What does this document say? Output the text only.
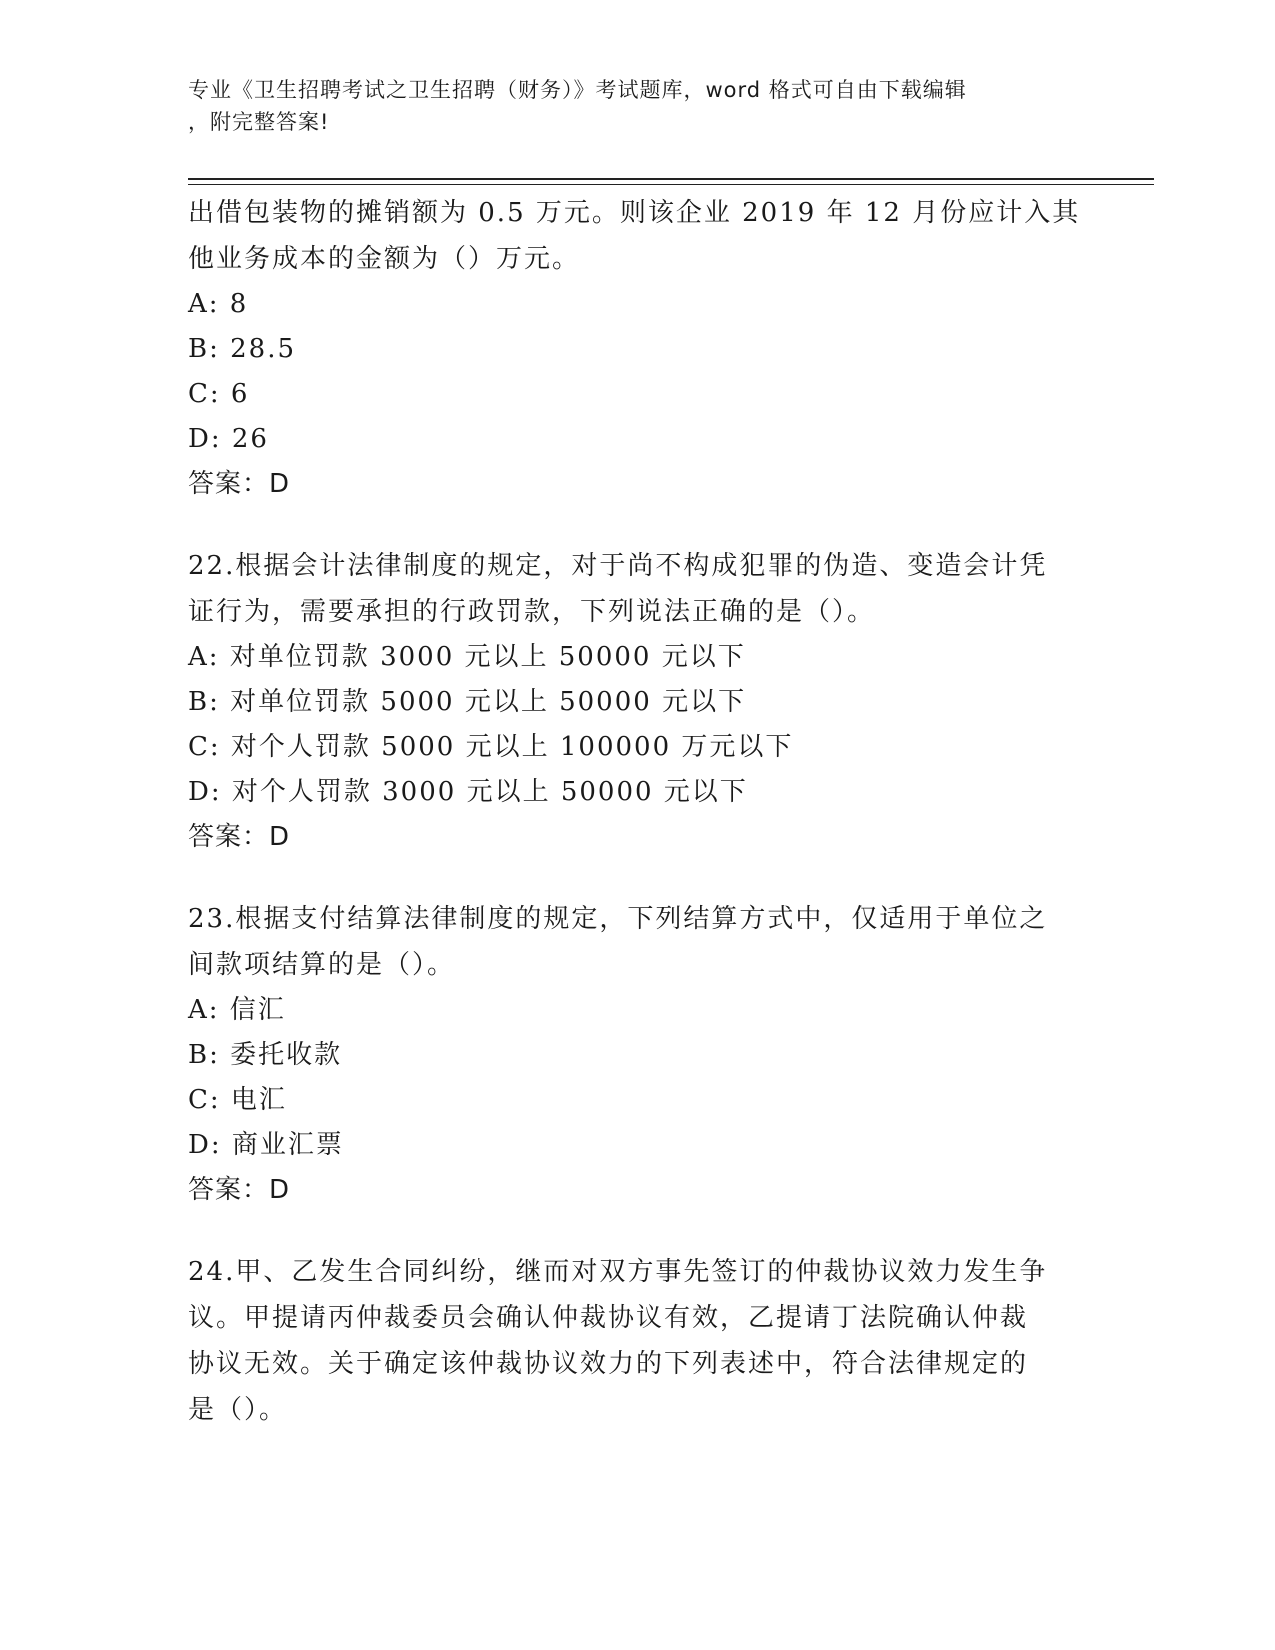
专业《卫生招聘考试之卫生招聘（财务）》考试题库，word 格式可自由下载编辑
，附完整答案!
出借包装物的摊销额为 0.5 万元。则该企业 2019 年 12 月份应计入其
他业务成本的金额为（）万元。
A: 8
B: 28.5
C: 6
D: 26
答案：D
22.根据会计法律制度的规定，对于尚不构成犯罪的伪造、变造会计凭
证行为，需要承担的行政罚款，下列说法正确的是（）。
A: 对单位罚款 3000 元以上 50000 元以下
B: 对单位罚款 5000 元以上 50000 元以下
C: 对个人罚款 5000 元以上 100000 万元以下
D: 对个人罚款 3000 元以上 50000 元以下
答案：D
23.根据支付结算法律制度的规定，下列结算方式中，仅适用于单位之
间款项结算的是（）。
A: 信汇
B: 委托收款
C: 电汇
D: 商业汇票
答案：D
24.甲、乙发生合同纠纷，继而对双方事先签订的仲裁协议效力发生争
议。甲提请丙仲裁委员会确认仲裁协议有效，乙提请丁法院确认仲裁
协议无效。关于确定该仲裁协议效力的下列表述中，符合法律规定的
是（）。
